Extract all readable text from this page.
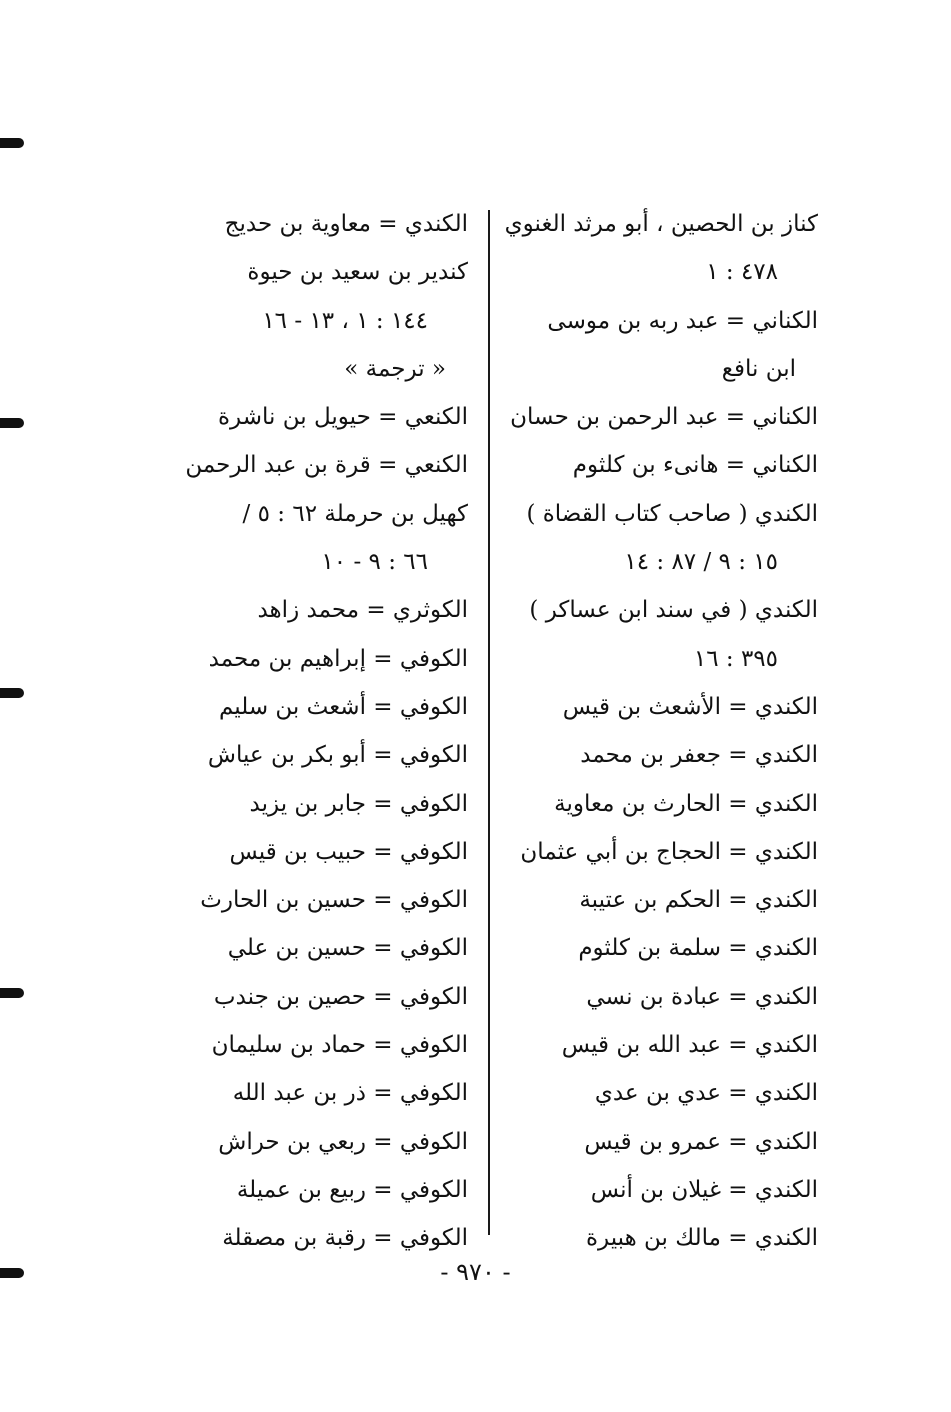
كناز بن الحصين ، أبو مرثد الغنوي
٤٧٨ : ١
الكناني = عبد ربه بن موسى
ابن نافع
الكناني = عبد الرحمن بن حسان
الكناني = هانىء بن كلثوم
الكندي ( صاحب كتاب القضاة )
١٥ : ٩ / ٨٧ : ١٤
الكندي ( في سند ابن عساكر )
٣٩٥ : ١٦
الكندي = الأشعث بن قيس
الكندي = جعفر بن محمد
الكندي = الحارث بن معاوية
الكندي = الحجاج بن أبي عثمان
الكندي = الحكم بن عتيبة
الكندي = سلمة بن كلثوم
الكندي = عبادة بن نسي
الكندي = عبد الله بن قيس
الكندي = عدي بن عدي
الكندي = عمرو بن قيس
الكندي = غيلان بن أنس
الكندي = مالك بن هبيرة
الكندي = معاوية بن حديج
كندير بن سعيد بن حيوة
١٤٤ : ١ ، ١٣ - ١٦
« ترجمة »
الكنعي = حيويل بن ناشرة
الكنعي = قرة بن عبد الرحمن
كهيل بن حرملة ٦٢ : ٥ /
٦٦ : ٩ - ١٠
الكوثري = محمد زاهد
الكوفي = إبراهيم بن محمد
الكوفي = أشعث بن سليم
الكوفي = أبو بكر بن عياش
الكوفي = جابر بن يزيد
الكوفي = حبيب بن قيس
الكوفي = حسين بن الحارث
الكوفي = حسين بن علي
الكوفي = حصين بن جندب
الكوفي = حماد بن سليمان
الكوفي = ذر بن عبد الله
الكوفي = ربعي بن حراش
الكوفي = ربيع بن عميلة
الكوفي = رقبة بن مصقلة
- ٩٧٠ -
